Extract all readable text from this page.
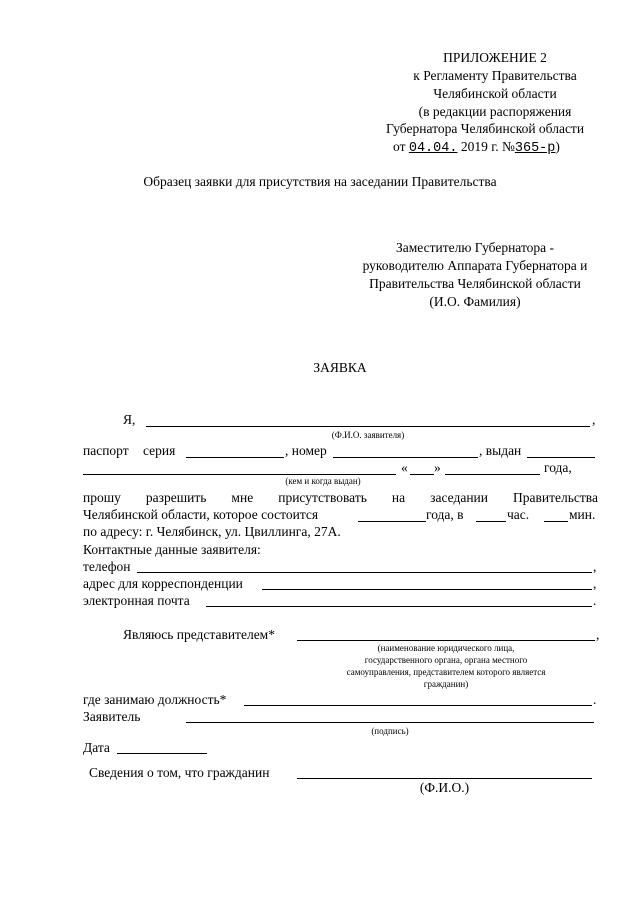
ПРИЛОЖЕНИЕ 2
к Регламенту Правительства
Челябинской области
(в редакции распоряжения
Губернатора Челябинской области
от 04.04. 2019 г. №365-р)
Образец заявки для присутствия на заседании Правительства
Заместителю Губернатора -
руководителю Аппарата Губернатора и
Правительства Челябинской области
(И.О. Фамилия)
ЗАЯВКА
Я,	,
(Ф.И.О. заявителя)
паспорт серия	, номер	, выдан
« »	года,
(кем и когда выдан)
прошу разрешить мне присутствовать на заседании Правительства
Челябинской области, которое состоится	года, в	час.	мин.
по адресу: г. Челябинск, ул. Цвиллинга, 27А.
Контактные данные заявителя:
телефон	,
адрес для корреспонденции	,
электронная почта	.
Являюсь представителем*	,
(наименование юридического лица,
государственного органа, органа местного
самоуправления, представителем которого является
гражданин)
где занимаю должность*	.
Заявитель
(подпись)
Дата
Сведения о том, что гражданин
(Ф.И.О.)
